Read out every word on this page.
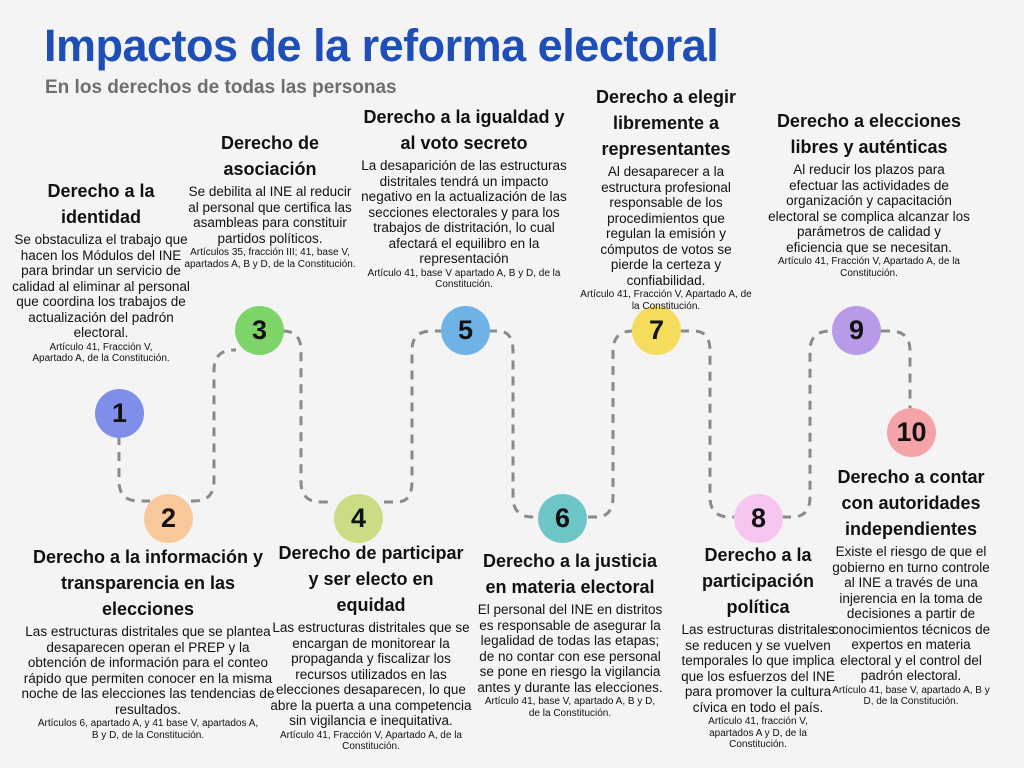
Impactos de la reforma electoral
En los derechos de todas las personas
1
2
3
4
5
6
7
8
9
10
Derecho a la identidad
Se obstaculiza el trabajo que hacen los Módulos del INE para brindar un servicio de calidad al eliminar al personal que coordina los trabajos de actualización del padrón electoral.
Artículo 41, Fracción V, Apartado A, de la Constitución.
Derecho a la información y transparencia en las elecciones
Las estructuras distritales que se plantea desaparecen operan el PREP y la obtención de información para el conteo rápido que permiten conocer en la misma noche de las elecciones las tendencias de resultados.
Artículos 6, apartado A, y 41 base V, apartados A, B y D, de la Constitución.
Derecho de asociación
Se debilita al INE al reducir al personal que certifica las asambleas para constituir partidos políticos.
Artículos 35, fracción III; 41, base V, apartados A, B y D, de la Constitución.
Derecho de participar y ser electo en equidad
Las estructuras distritales que se encargan de monitorear la propaganda y fiscalizar los recursos utilizados en las elecciones desaparecen, lo que abre la puerta a una competencia sin vigilancia e inequitativa.
Artículo 41, Fracción V, Apartado A, de la Constitución.
Derecho a la igualdad y al voto secreto
La desaparición de las estructuras distritales tendrá un impacto negativo en la actualización de las secciones electorales y para los trabajos de distritación, lo cual afectará el equilibro en la representación
Artículo 41, base V apartado A, B y D, de la Constitución.
Derecho a la justicia en materia electoral
El personal del INE en distritos es responsable de asegurar la legalidad de todas las etapas; de no contar con ese personal se pone en riesgo la vigilancia antes y durante las elecciones.
Artículo 41, base V, apartado A, B y D, de la Constitución.
Derecho a elegir libremente a representantes
Al desaparecer a la estructura profesional responsable de los procedimientos que regulan la emisión y cómputos de votos se pierde la certeza y confiabilidad.
Artículo 41, Fracción V, Apartado A, de la Constitución.
Derecho a la participación política
Las estructuras distritales se reducen y se vuelven temporales lo que implica que los esfuerzos del INE para promover la cultura cívica en todo el país.
Artículo 41, fracción V, apartados A y D, de la Constitución.
Derecho a elecciones libres y auténticas
Al reducir los plazos para efectuar las actividades de organización y capacitación electoral se complica alcanzar los parámetros de calidad y eficiencia que se necesitan.
Artículo 41, Fracción V, Apartado A, de la Constitución.
Derecho a contar con autoridades independientes
Existe el riesgo de que el gobierno en turno controle al INE a través de una injerencia en la toma de decisiones a partir de conocimientos técnicos de expertos en materia electoral y el control del padrón electoral.
Artículo 41, base V, apartado A, B y D, de la Constitución.
